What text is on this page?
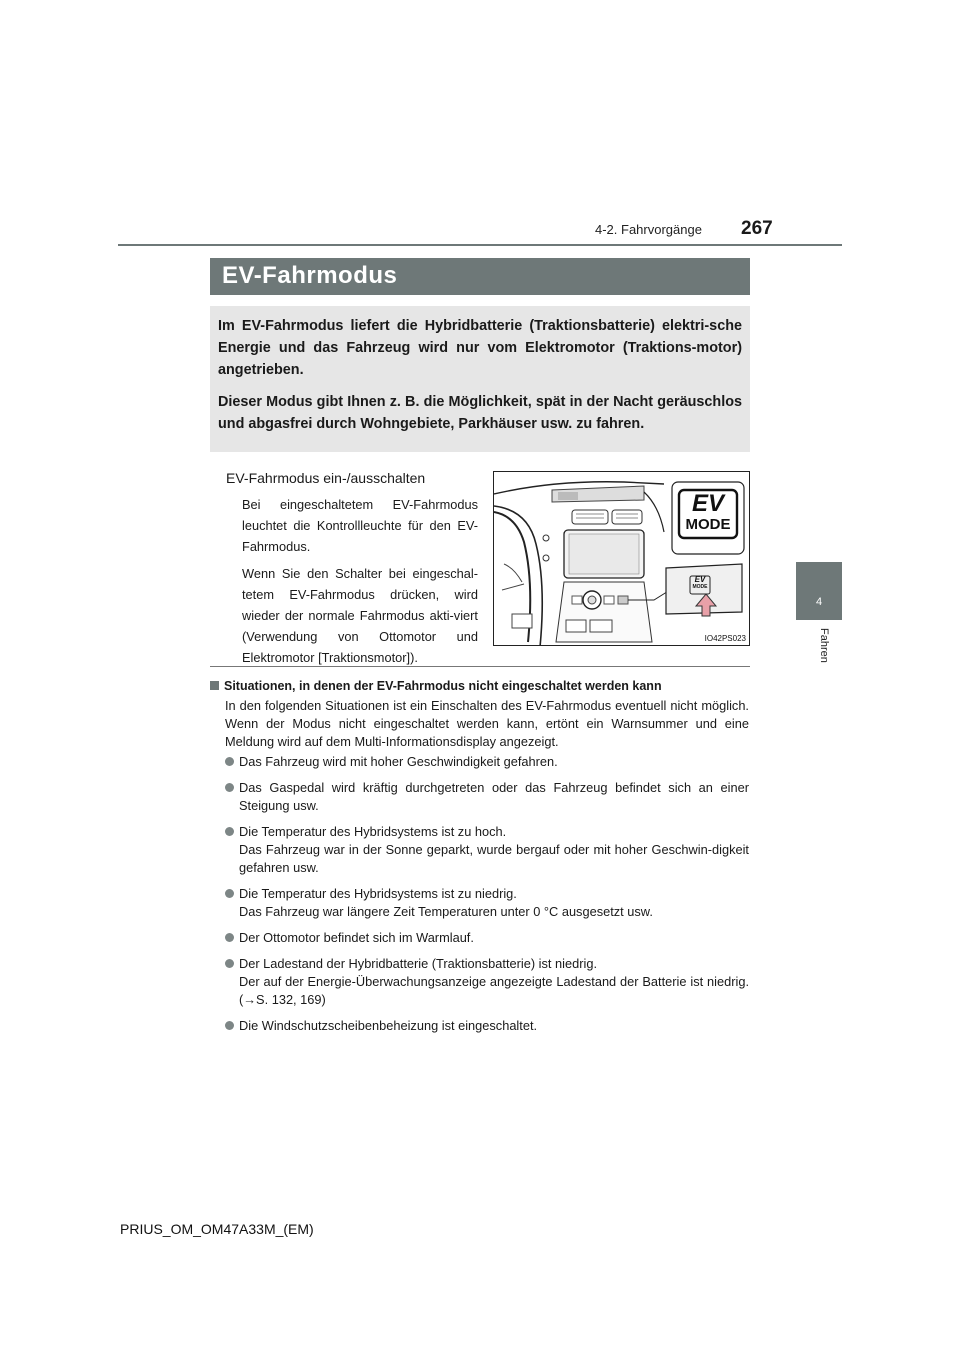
267
4-2. Fahrvorgänge
4
Fahren
EV-Fahrmodus

Im EV-Fahrmodus liefert die Hybridbatterie (Traktionsbatterie) elektri-sche Energie und das Fahrzeug wird nur vom Elektromotor (Traktions-motor) angetrieben.

Dieser Modus gibt Ihnen z. B. die Möglichkeit, spät in der Nacht geräuschlos und abgasfrei durch Wohngebiete, Parkhäuser usw. zu fahren.

EV-Fahrmodus ein-/ausschalten

Bei eingeschaltetem EV-Fahrmodus leuchtet die Kontrollleuchte für den EV-Fahrmodus.

Wenn Sie den Schalter bei eingeschal-tetem EV-Fahrmodus drücken, wird wieder der normale Fahrmodus akti-viert (Verwendung von Ottomotor und Elektromotor [Traktionsmotor]).

EV
MODE
EV
MODE
IO42PS023
Situationen, in denen der EV-Fahrmodus nicht eingeschaltet werden kann
In den folgenden Situationen ist ein Einschalten des EV-Fahrmodus eventuell nicht möglich. Wenn der Modus nicht eingeschaltet werden kann, ertönt ein Warnsummer und eine Meldung wird auf dem Multi-Informationsdisplay angezeigt.
Das Fahrzeug wird mit hoher Geschwindigkeit gefahren.
Das Gaspedal wird kräftig durchgetreten oder das Fahrzeug befindet sich an einer Steigung usw.
Die Temperatur des Hybridsystems ist zu hoch.
Das Fahrzeug war in der Sonne geparkt, wurde bergauf oder mit hoher Geschwin-digkeit gefahren usw.
Die Temperatur des Hybridsystems ist zu niedrig.
Das Fahrzeug war längere Zeit Temperaturen unter 0 °C ausgesetzt usw.
Der Ottomotor befindet sich im Warmlauf.
Der Ladestand der Hybridbatterie (Traktionsbatterie) ist niedrig.
Der auf der Energie-Überwachungsanzeige angezeigte Ladestand der Batterie ist niedrig. (→S. 132, 169)
Die Windschutzscheibenbeheizung ist eingeschaltet.
PRIUS_OM_OM47A33M_(EM)
